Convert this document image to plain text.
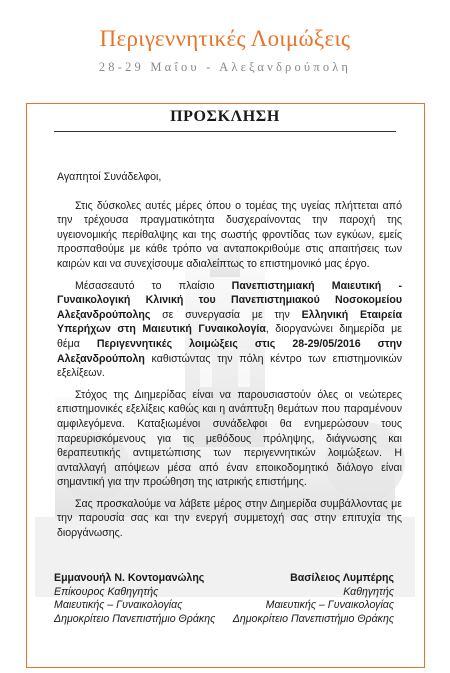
Περιγεννητικές Λοιμώξεις
28-29 Μαΐου - Αλεξανδρούπολη
ΠΡΟΣΚΛΗΣΗ

Αγαπητοί Συνάδελφοι,

Στις δύσκολες αυτές μέρες όπου ο τομέας της υγείας πλήττεται από την τρέχουσα πραγματικότητα δυσχεραίνοντας την παροχή της υγειονομικής περίθαλψης και της σωστής φροντίδας των εγκύων, εμείς προσπαθούμε με κάθε τρόπο να ανταποκριθούμε στις απαιτήσεις των καιρών και να συνεχίσουμε αδιαλείπτως το επιστημονικό μας έργο.

Μέσασεαυτό το πλαίσιο Πανεπιστημιακή Μαιευτική - Γυναικολογική Κλινική του Πανεπιστημιακού Νοσοκομείου Αλεξανδρούπολης σε συνεργασία με την Ελληνική Εταιρεία Υπερήχων στη Μαιευτική Γυναικολογία, διοργανώνει διημερίδα με θέμα Περιγεννητικές λοιμώξεις στις 28-29/05/2016 στην Αλεξανδρούπολη καθιστώντας την πόλη κέντρο των επιστημονικών εξελίξεων.

Στόχος της Διημερίδας είναι να παρουσιαστούν όλες οι νεώτερες επιστημονικές εξελίξεις καθώς και η ανάπτυξη θεμάτων που παραμένουν αμφιλεγόμενα. Καταξιωμένοι συνάδελφοι θα ενημερώσουν τους παρευρισκόμενους για τις μεθόδους πρόληψης, διάγνωσης και θεραπευτικής αντιμετώπισης των περιγεννητικών λοιμώξεων. Η ανταλλαγή απόψεων μέσα από έναν εποικοδομητικό διάλογο είναι σημαντική για την προώθηση της ιατρικής επιστήμης.

Σας προσκαλούμε να λάβετε μέρος στην Διημερίδα συμβάλλοντας με την παρουσία σας και την ενεργή συμμετοχή σας στην επιτυχία της διοργάνωσης.

Εμμανουήλ Ν. Κοντομανώλης
Επίκουρος Καθηγητής
Μαιευτικής – Γυναικολογίας
Δημοκρίτειο Πανεπιστήμιο Θράκης
Βασίλειος Λυμπέρης
Καθηγητής
Μαιευτικής – Γυναικολογίας
Δημοκρίτειο Πανεπιστήμιο Θράκης
